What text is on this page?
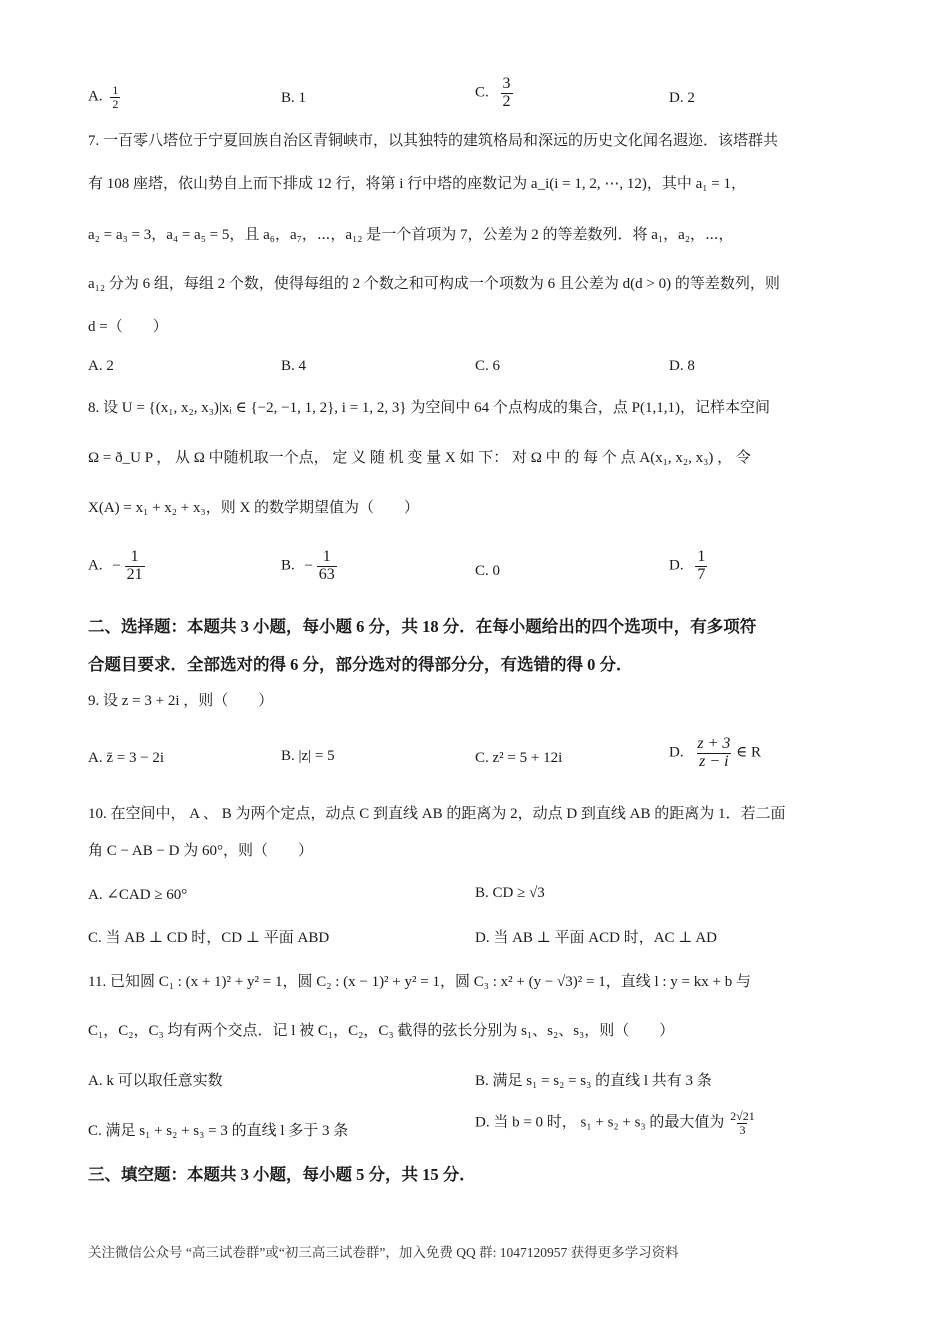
A. $\frac{1}{2}$	B. 1	C. $\frac{3}{2}$	D. 2
7. 一百零八塔位于宁夏回族自治区青铜峡市，以其独特的建筑格局和深远的历史文化闻名遐迩．该塔群共
有 108 座塔，依山势自上而下排成 12 行，将第 i 行中塔的座数记为 a_i(i = 1, 2, ⋯, 12)，其中 a₁ = 1，
a₂ = a₃ = 3，a₄ = a₅ = 5，且 a₆，a₇，⋯，a₁₂ 是一个首项为 7，公差为 2 的等差数列．将 a₁，a₂，⋯，
a₁₂ 分为 6 组，每组 2 个数，使得每组的 2 个数之和可构成一个项数为 6 且公差为 d(d > 0) 的等差数列，则
d =（　　）
A. 2	B. 4	C. 6	D. 8
8. 设 U = {(x₁, x₂, x₃)|xᵢ ∈ {−2, −1, 1, 2}, i = 1, 2, 3} 为空间中 64 个点构成的集合，点 P(1,1,1)，记样本空间
Ω = ð_U P ， 从 Ω 中随机取一个点， 定 义 随 机 变 量 X 如 下： 对 Ω 中 的 每 个 点 A(x₁, x₂, x₃) ， 令
X(A) = x₁ + x₂ + x₃，则 X 的数学期望值为（　　）
A. − $\frac{1}{21}$	B. − $\frac{1}{63}$	C. 0	D. $\frac{1}{7}$
二、选择题：本题共 3 小题，每小题 6 分，共 18 分．在每小题给出的四个选项中，有多项符
合题目要求．全部选对的得 6 分，部分选对的得部分分，有选错的得 0 分．
9. 设 z = 3 + 2i ，则（　　）
A. z̄ = 3 − 2i	B. |z| = 5	C. z² = 5 + 12i	D. $\frac{z + 3}{z - i}$ ∈ R
10. 在空间中， A 、 B 为两个定点，动点 C 到直线 AB 的距离为 2，动点 D 到直线 AB 的距离为 1．若二面
角 C − AB − D 为 60°，则（　　）
A. ∠CAD ≥ 60°	B. CD ≥ √3
C. 当 AB ⊥ CD 时，CD ⊥ 平面 ABD	D. 当 AB ⊥ 平面 ACD 时，AC ⊥ AD
11. 已知圆 C₁ : (x + 1)² + y² = 1，圆 C₂ : (x − 1)² + y² = 1，圆 C₃ : x² + (y − √3)² = 1，直线 l : y = kx + b 与
C₁，C₂，C₃ 均有两个交点．记 l 被 C₁，C₂，C₃ 截得的弦长分别为 s₁、s₂、s₃，则（　　）
A. k 可以取任意实数	B. 满足 s₁ = s₂ = s₃ 的直线 l 共有 3 条
C. 满足 s₁ + s₂ + s₃ = 3 的直线 l 多于 3 条
D. 当 b = 0 时， s₁ + s₂ + s₃ 的最大值为 $\frac{2√21}{3}$
三、填空题：本题共 3 小题，每小题 5 分，共 15 分．
关注微信公众号 “高三试卷群”或“初三高三试卷群”，加入免费 QQ 群: 1047120957 获得更多学习资料
